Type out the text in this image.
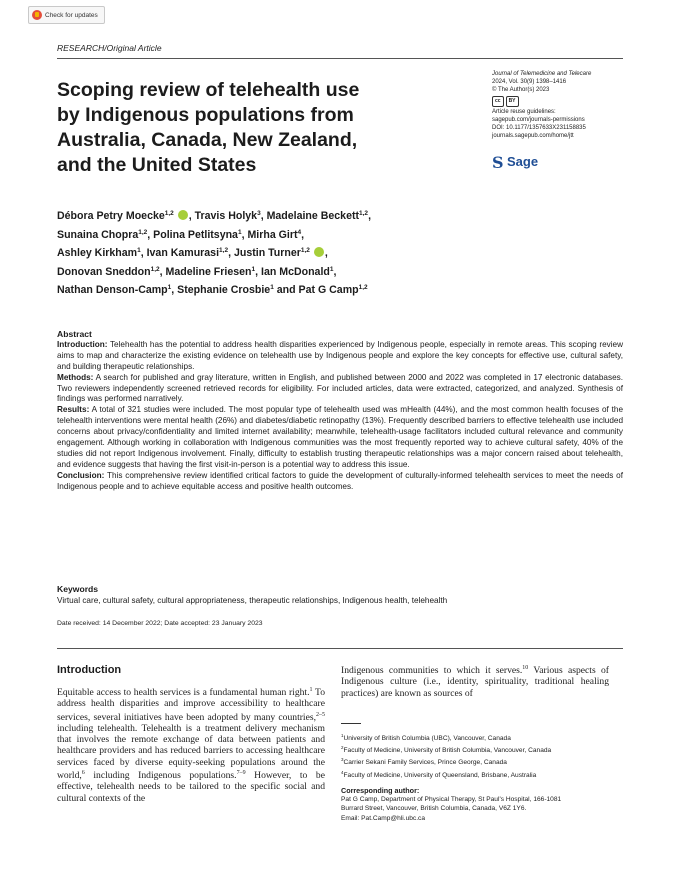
Check for updates
RESEARCH/Original Article
Scoping review of telehealth use by Indigenous populations from Australia, Canada, New Zealand, and the United States
Journal of Telemedicine and Telecare
2024, Vol. 30(9) 1398–1416
© The Author(s) 2023
cc	BY
Article reuse guidelines:
sagepub.com/journals-permissions
DOI: 10.1177/1357633X231158835
journals.sagepub.com/home/jtt
S
Sage
Débora Petry Moecke$^{1,2}$ , Travis Holyk$^3$, Madelaine Beckett$^{1,2}$,
Sunaina Chopra$^{1,2}$, Polina Petlitsyna$^1$, Mirha Girt$^4$,
Ashley Kirkham$^1$, Ivan Kamurasi$^{1,2}$, Justin Turner$^{1,2}$ ,
Donovan Sneddon$^{1,2}$, Madeline Friesen$^1$, Ian McDonald$^1$,
Nathan Denson-Camp$^1$, Stephanie Crosbie$^1$ and Pat G Camp$^{1,2}$
Abstract

Introduction: Telehealth has the potential to address health disparities experienced by Indigenous people, especially in remote areas. This scoping review aims to map and characterize the existing evidence on telehealth use by Indigenous people and explore the key concepts for effective use, cultural safety, and building therapeutic relationships.

Methods: A search for published and gray literature, written in English, and published between 2000 and 2022 was completed in 17 electronic databases. Two reviewers independently screened retrieved records for eligibility. For included articles, data were extracted, categorized, and analyzed. Synthesis of findings was performed narratively.

Results: A total of 321 studies were included. The most popular type of telehealth used was mHealth (44%), and the most common health focuses of the telehealth interventions were mental health (26%) and diabetes/diabetic retinopathy (13%). Frequently described barriers to effective telehealth use included concerns about privacy/confidentiality and limited internet availability; meanwhile, telehealth-usage facilitators included cultural relevance and community engagement. Although working in collaboration with Indigenous communities was the most frequently reported way to achieve cultural safety, 40% of the studies did not report Indigenous involvement. Finally, difficulty to establish trusting therapeutic relationships was a major concern raised about telehealth, and evidence suggests that having the first visit-in-person is a potential way to address this issue.

Conclusion: This comprehensive review identified critical factors to guide the development of culturally-informed telehealth services to meet the needs of Indigenous people and to achieve equitable access and positive health outcomes.

Keywords
Virtual care, cultural safety, cultural appropriateness, therapeutic relationships, Indigenous health, telehealth
Date received: 14 December 2022; Date accepted: 23 January 2023
Introduction

Equitable access to health services is a fundamental human right.$^1$ To address health disparities and improve accessibility to healthcare services, several initiatives have been adopted by many countries,$^{2-5}$ including telehealth. Telehealth is a treatment delivery mechanism that involves the remote exchange of data between patients and healthcare providers and has reduced barriers to accessing healthcare services faced by diverse equity-seeking populations around the world,$^6$ including Indigenous populations.$^{7-9}$ However, to be effective, telehealth needs to be tailored to the specific social and cultural contexts of the

Indigenous communities to which it serves.$^{10}$ Various aspects of Indigenous culture (i.e., identity, spirituality, traditional healing practices) are known as sources of

$^1$University of British Columbia (UBC), Vancouver, Canada
$^2$Faculty of Medicine, University of British Columbia, Vancouver, Canada
$^3$Carrier Sekani Family Services, Prince George, Canada
$^4$Faculty of Medicine, University of Queensland, Brisbane, Australia
Corresponding author:
Pat G Camp, Department of Physical Therapy, St Paul's Hospital, 166-1081
Burrard Street, Vancouver, British Columbia, Canada, V6Z 1Y6.
Email: Pat.Camp@hli.ubc.ca
